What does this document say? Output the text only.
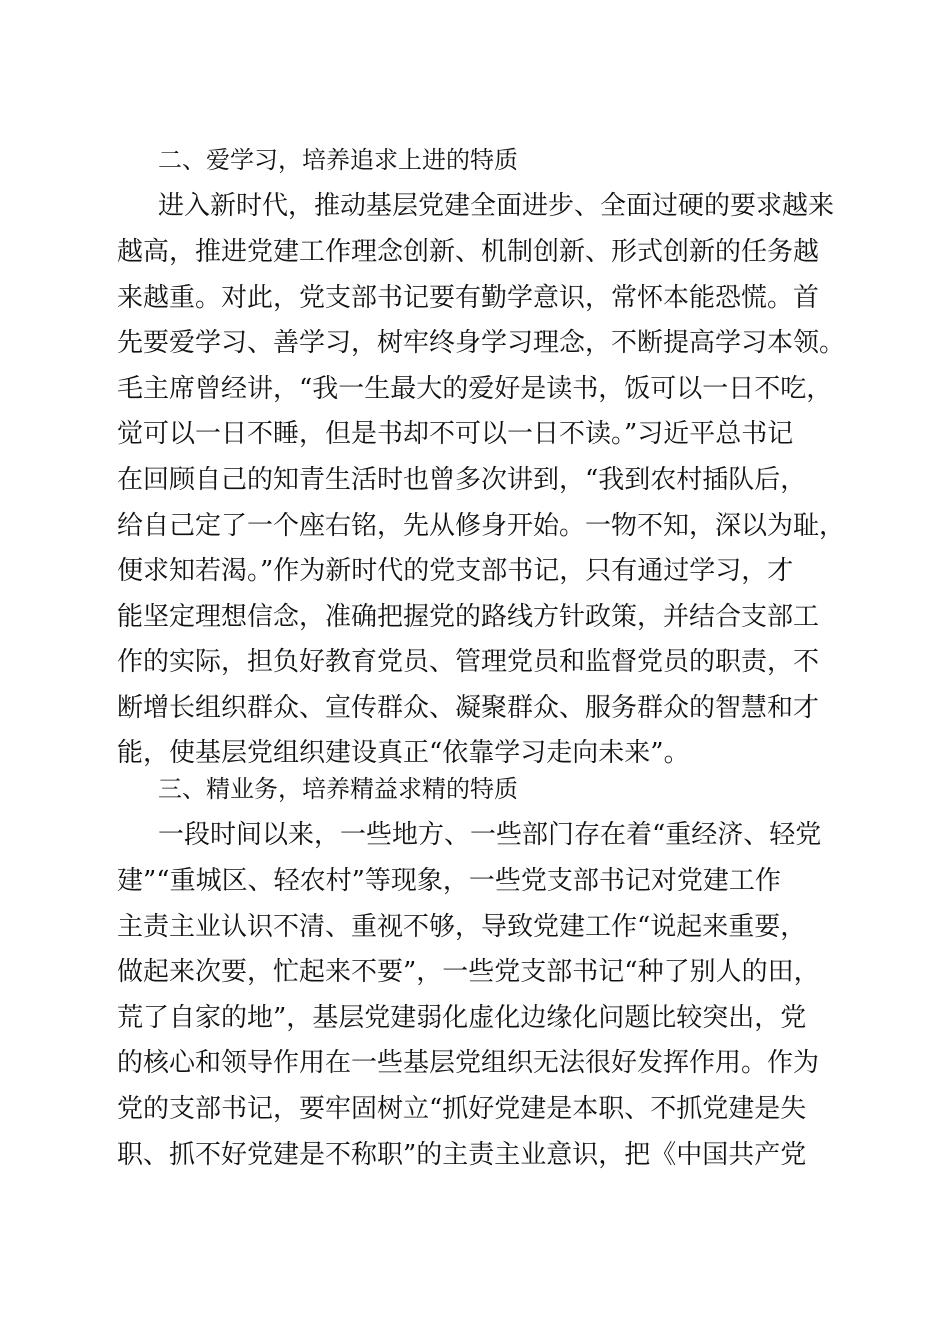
二、爱学习，培养追求上进的特质
进入新时代，推动基层党建全面进步、全面过硬的要求越来
越高，推进党建工作理念创新、机制创新、形式创新的任务越
来越重。对此，党支部书记要有勤学意识，常怀本能恐慌。首
先要爱学习、善学习，树牢终身学习理念，不断提高学习本领。
毛主席曾经讲，“我一生最大的爱好是读书，饭可以一日不吃，
觉可以一日不睡，但是书却不可以一日不读。”习近平总书记
在回顾自己的知青生活时也曾多次讲到，“我到农村插队后，
给自己定了一个座右铭，先从修身开始。一物不知，深以为耻，
便求知若渴。”作为新时代的党支部书记，只有通过学习，才
能坚定理想信念，准确把握党的路线方针政策，并结合支部工
作的实际，担负好教育党员、管理党员和监督党员的职责，不
断增长组织群众、宣传群众、凝聚群众、服务群众的智慧和才
能，使基层党组织建设真正“依靠学习走向未来”。
三、精业务，培养精益求精的特质
一段时间以来，一些地方、一些部门存在着“重经济、轻党
建”“重城区、轻农村”等现象，一些党支部书记对党建工作
主责主业认识不清、重视不够，导致党建工作“说起来重要，
做起来次要，忙起来不要”，一些党支部书记“种了别人的田，
荒了自家的地”，基层党建弱化虚化边缘化问题比较突出，党
的核心和领导作用在一些基层党组织无法很好发挥作用。作为
党的支部书记，要牢固树立“抓好党建是本职、不抓党建是失
职、抓不好党建是不称职”的主责主业意识，把《中国共产党
